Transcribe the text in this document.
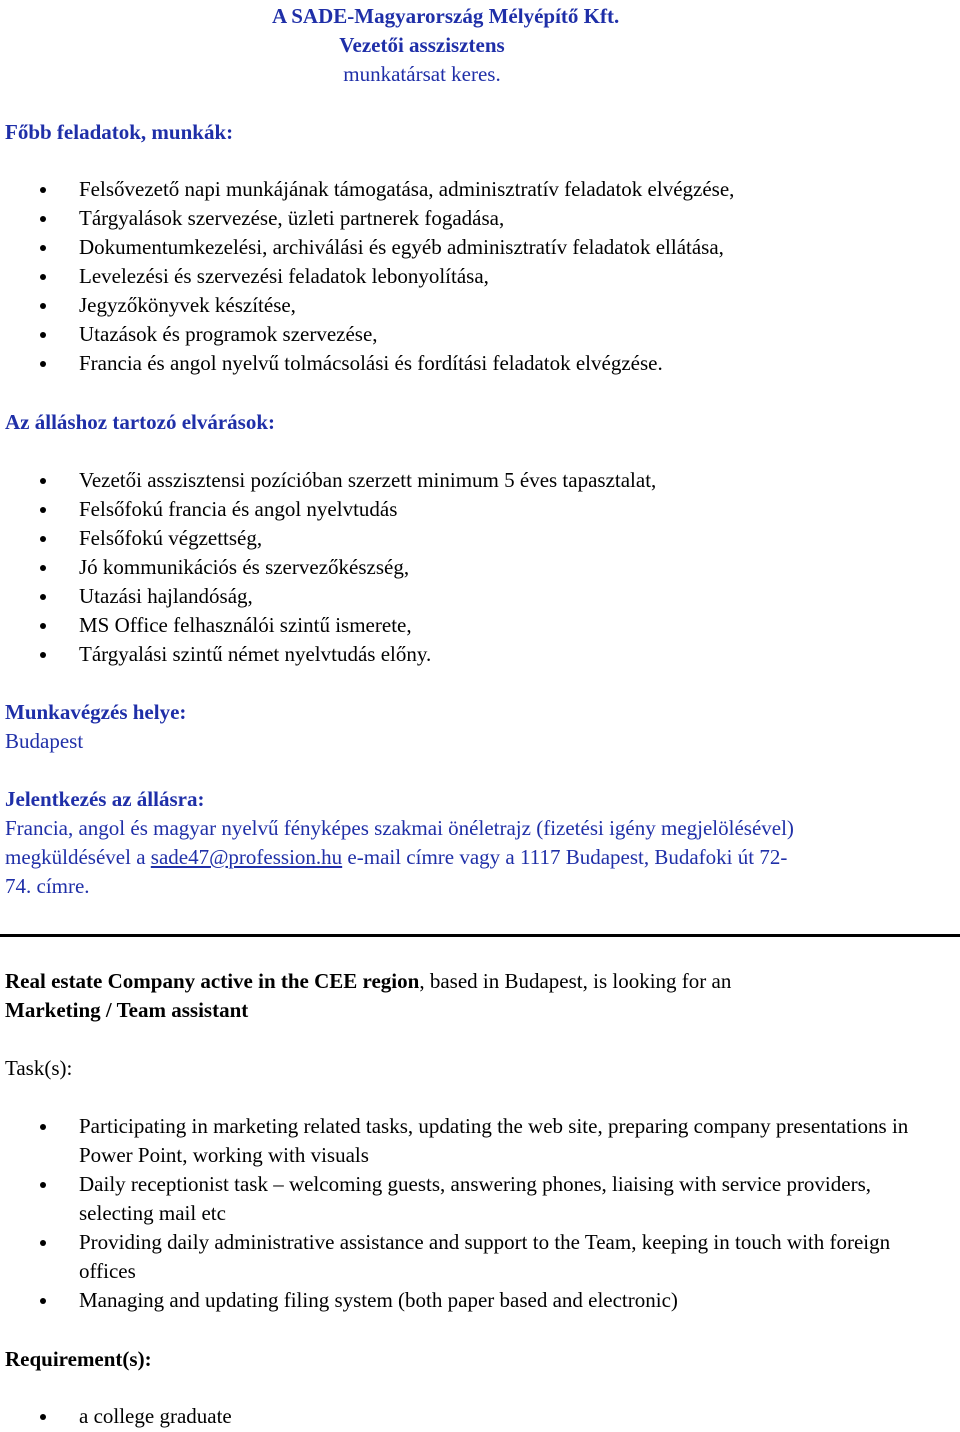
A SADE-Magyarország Mélyépítő Kft.
Vezetői asszisztens
munkatársat keres.
Főbb feladatok, munkák:
Felsővezető napi munkájának támogatása, adminisztratív feladatok elvégzése,
Tárgyalások szervezése, üzleti partnerek fogadása,
Dokumentumkezelési, archiválási és egyéb adminisztratív feladatok ellátása,
Levelezési és szervezési feladatok lebonyolítása,
Jegyzőkönyvek készítése,
Utazások és programok szervezése,
Francia és angol nyelvű tolmácsolási és fordítási feladatok elvégzése.
Az álláshoz tartozó elvárások:
Vezetői asszisztensi pozícióban szerzett minimum 5 éves tapasztalat,
Felsőfokú francia és angol nyelvtudás
Felsőfokú végzettség,
Jó kommunikációs és szervezőkészség,
Utazási hajlandóság,
MS Office felhasználói szintű ismerete,
Tárgyalási szintű német nyelvtudás előny.
Munkavégzés helye:
Budapest
Jelentkezés az állásra:
Francia, angol és magyar nyelvű fényképes szakmai önéletrajz (fizetési igény megjelölésével)
megküldésével a sade47@profession.hu e-mail címre vagy a 1117 Budapest, Budafoki út 72-
74. címre.
Real estate Company active in the CEE region, based in Budapest, is looking for an
Marketing / Team assistant
Task(s):
Participating in marketing related tasks, updating the web site, preparing company presentations in Power Point, working with visuals
Daily receptionist task – welcoming guests, answering phones, liaising with service providers, selecting mail etc
Providing daily administrative assistance and support to the Team, keeping in touch with foreign offices
Managing and updating filing system (both paper based and electronic)
Requirement(s):
a college graduate
